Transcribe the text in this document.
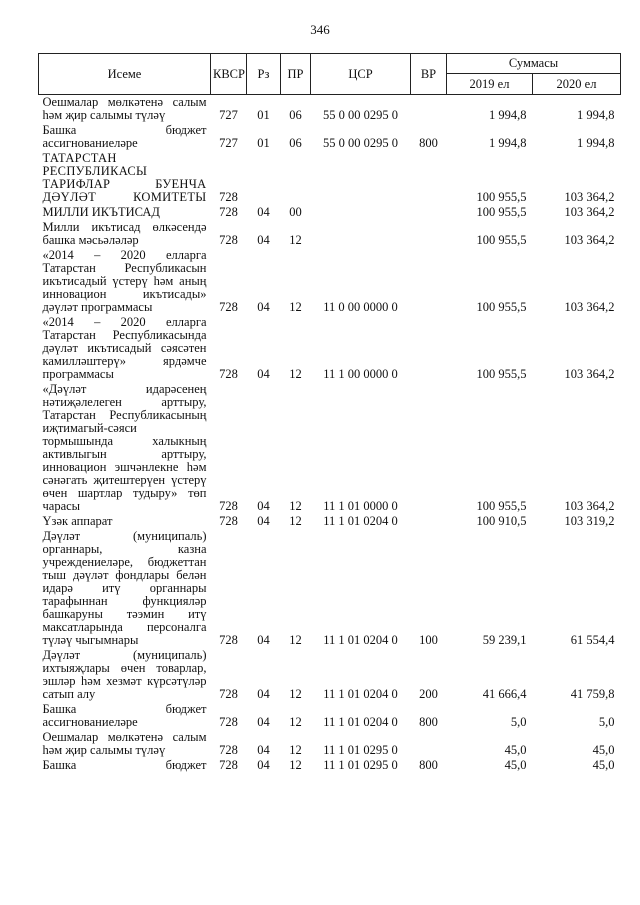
346
Исеме	КВСР	Рз	ПР	ЦСР	ВР	Суммасы	
						2019 ел	2020 ел
Оешмалар мөлкәтенә салым һәм җир салымы түләү	727	01	06	55 0 00 0295 0		1 994,8	1 994,8
Башка бюджет ассигнованиеләре	727	01	06	55 0 00 0295 0	800	1 994,8	1 994,8
ТАТАРСТАН РЕСПУБЛИКАСЫ ТАРИФЛАР БУЕНЧА ДӘҮЛӘТ КОМИТЕТЫ	728					100 955,5	103 364,2
МИЛЛИ ИКЪТИСАД	728	04	00			100 955,5	103 364,2
Милли икътисад өлкәсендә башка мәсьәләләр	728	04	12			100 955,5	103 364,2
«2014 – 2020 елларга Татарстан Республикасын икътисадый үстерү һәм аның инновацион икътисады» дәүләт программасы	728	04	12	11 0 00 0000 0		100 955,5	103 364,2
«2014 – 2020 елларга Татарстан Республикасында дәүләт икътисадый сәясәтен камилләштерү» ярдәмче программасы	728	04	12	11 1 00 0000 0		100 955,5	103 364,2
«Дәүләт идарәсенең нәтиҗәлелеген арттыру, Татарстан Республикасының иҗтимагый-сәяси тормышында халыкның активлыгын арттыру, инновацион эшчәнлекне һәм сәнәгать җитештерүен үстерү өчен шартлар тудыру» төп чарасы	728	04	12	11 1 01 0000 0		100 955,5	103 364,2
Үзәк аппарат	728	04	12	11 1 01 0204 0		100 910,5	103 319,2
Дәүләт (муниципаль) органнары, казна учреждениеләре, бюджеттан тыш дәүләт фондлары белән идарә итү органнары тарафыннан функцияләр башкаруны тәэмин итү максатларында персоналга түләү чыгымнары	728	04	12	11 1 01 0204 0	100	59 239,1	61 554,4
Дәүләт (муниципаль) ихтыяҗлары өчен товарлар, эшләр һәм хезмәт күрсәтүләр сатып алу	728	04	12	11 1 01 0204 0	200	41 666,4	41 759,8
Башка бюджет ассигнованиеләре	728	04	12	11 1 01 0204 0	800	5,0	5,0
Оешмалар мөлкәтенә салым һәм җир салымы түләү	728	04	12	11 1 01 0295 0		45,0	45,0
Башка бюджет	728	04	12	11 1 01 0295 0	800	45,0	45,0
